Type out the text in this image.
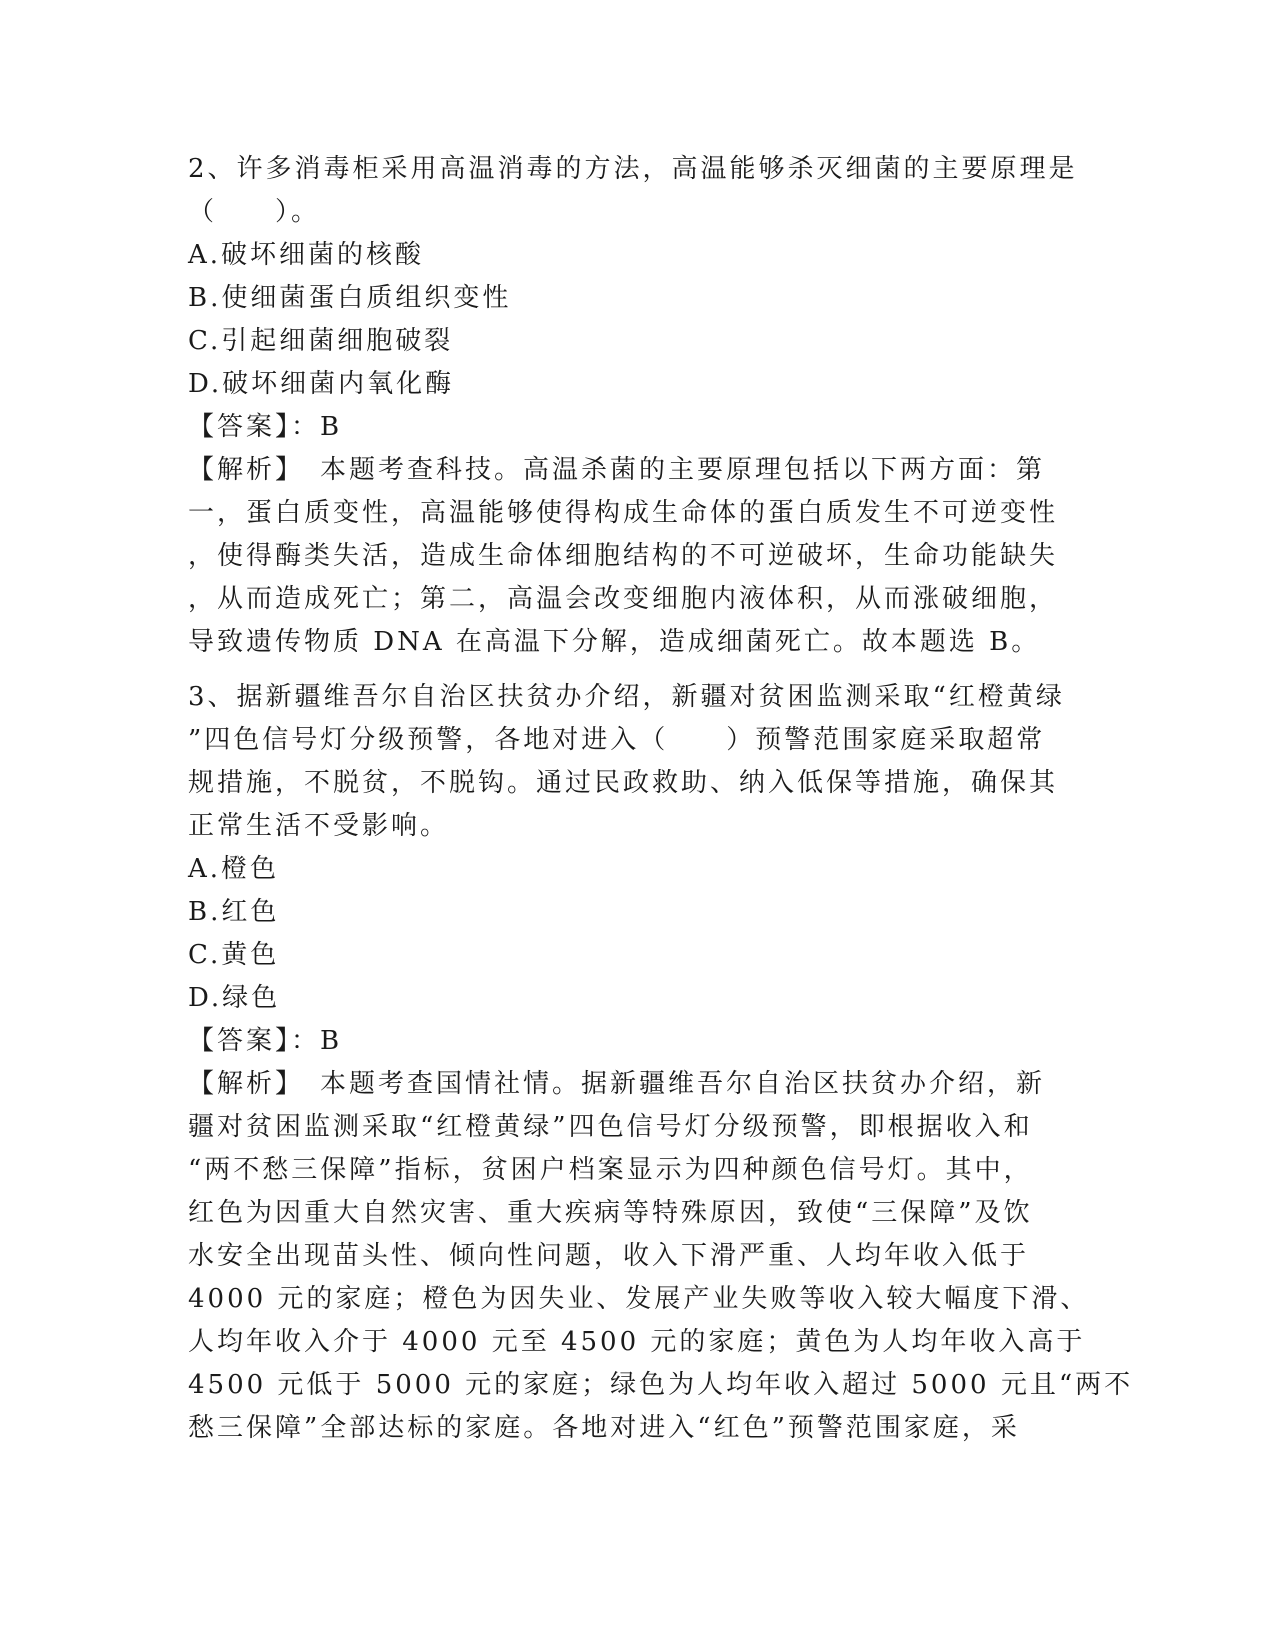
2、许多消毒柜采用高温消毒的方法，高温能够杀灭细菌的主要原理是
（　　）。
A.破坏细菌的核酸
B.使细菌蛋白质组织变性
C.引起细菌细胞破裂
D.破坏细菌内氧化酶
【答案】：B
【解析】　本题考查科技。高温杀菌的主要原理包括以下两方面：第
一，蛋白质变性，高温能够使得构成生命体的蛋白质发生不可逆变性
，使得酶类失活，造成生命体细胞结构的不可逆破坏，生命功能缺失
，从而造成死亡；第二，高温会改变细胞内液体积，从而涨破细胞，
导致遗传物质 DNA 在高温下分解，造成细菌死亡。故本题选 B。
3、据新疆维吾尔自治区扶贫办介绍，新疆对贫困监测采取“红橙黄绿
”四色信号灯分级预警，各地对进入（　　）预警范围家庭采取超常
规措施，不脱贫，不脱钩。通过民政救助、纳入低保等措施，确保其
正常生活不受影响。
A.橙色
B.红色
C.黄色
D.绿色
【答案】：B
【解析】　本题考查国情社情。据新疆维吾尔自治区扶贫办介绍，新
疆对贫困监测采取“红橙黄绿”四色信号灯分级预警，即根据收入和
“两不愁三保障”指标，贫困户档案显示为四种颜色信号灯。其中，
红色为因重大自然灾害、重大疾病等特殊原因，致使“三保障”及饮
水安全出现苗头性、倾向性问题，收入下滑严重、人均年收入低于
4000 元的家庭；橙色为因失业、发展产业失败等收入较大幅度下滑、
人均年收入介于 4000 元至 4500 元的家庭；黄色为人均年收入高于
4500 元低于 5000 元的家庭；绿色为人均年收入超过 5000 元且“两不
愁三保障”全部达标的家庭。各地对进入“红色”预警范围家庭，采
